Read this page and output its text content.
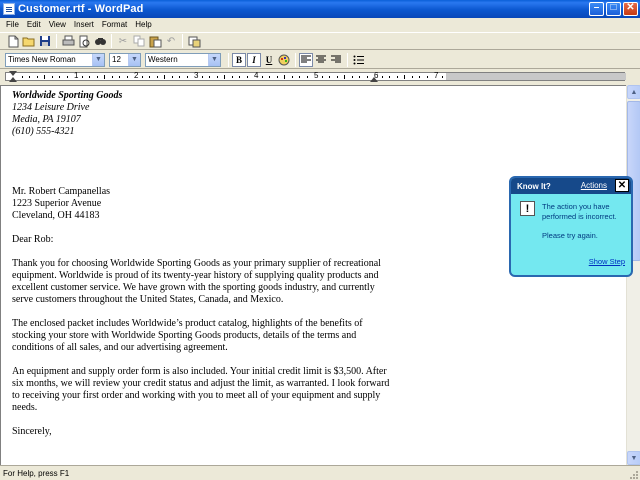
Customer.rtf - WordPad	–	□ ✕
File	Edit	View	Insert	Format	Help
✂	↶
Times New Roman	▼ 12	▼ Western	▼	B	I	U
1	2	3	4	5	6	7
Worldwide Sporting Goods
1234 Leisure Drive
Media, PA 19107
(610) 555-4321
Mr. Robert Campanellas
1223 Superior Avenue
Cleveland, OH 44183

Dear Rob:

Thank you for choosing Worldwide Sporting Goods as your primary supplier of recreational
equipment. Worldwide is proud of its twenty-year history of supplying quality products and
excellent customer service. We have grown with the sporting goods industry, and currently
serve customers throughout the United States, Canada, and Mexico.

The enclosed packet includes Worldwide’s product catalog, highlights of the benefits of
stocking your store with Worldwide Sporting Goods products, details of the terms and
conditions of all sales, and our advertising agreement.

An equipment and supply order form is also included. Your initial credit limit is $3,500. After
six months, we will review your credit status and adjust the limit, as warranted. I look forward
to receiving your first order and working with you to meet all of your equipment and supply
needs.

Sincerely,
▲
▼
For Help, press F1
Know It?	Actions ✕
!	The action you have performed is incorrect.
Please try again.
Show Step
